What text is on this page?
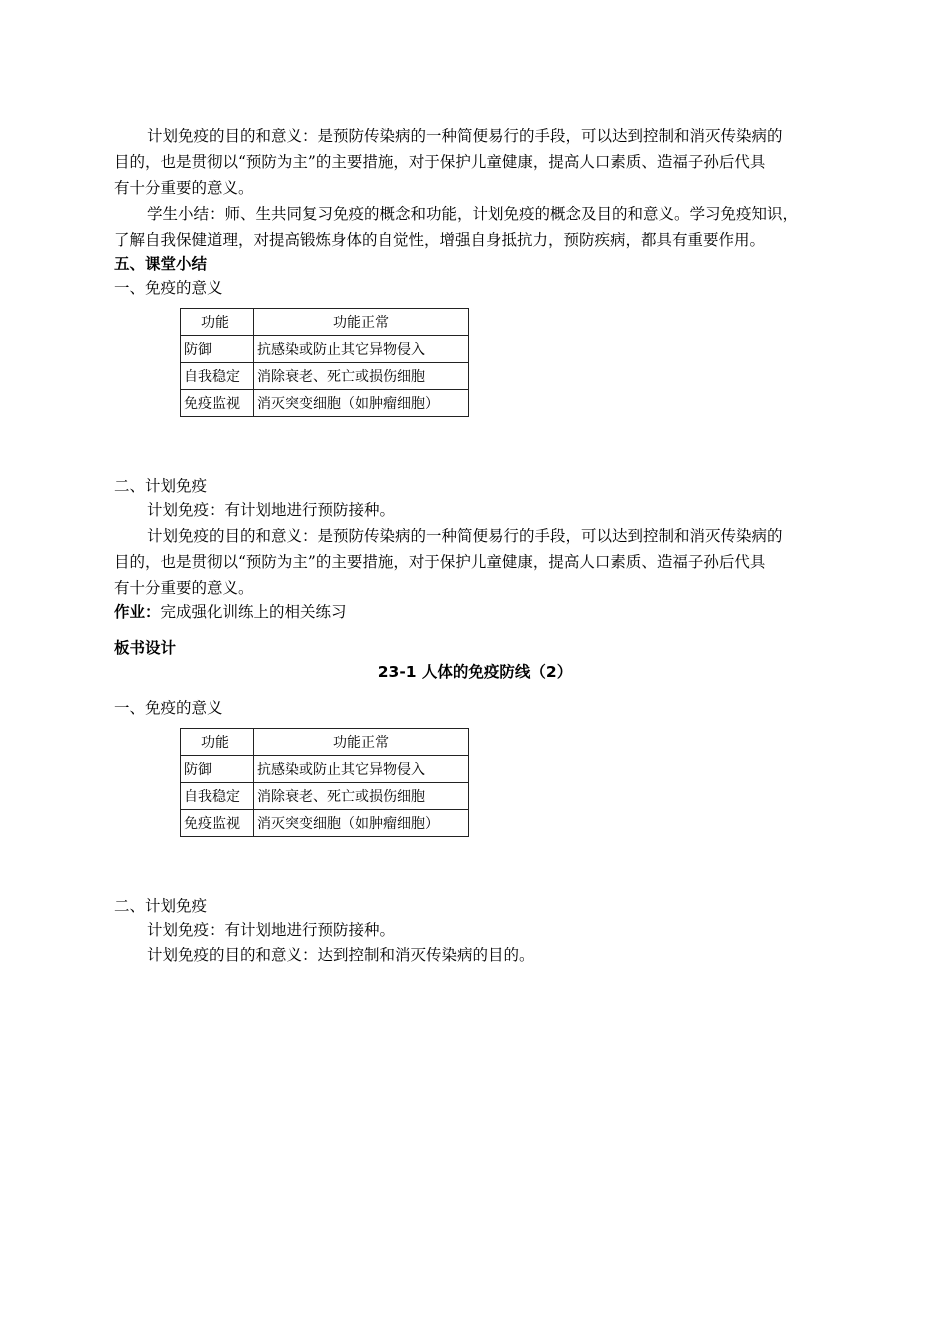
计划免疫的目的和意义：是预防传染病的一种简便易行的手段，可以达到控制和消灭传染病的
目的，也是贯彻以“预防为主”的主要措施，对于保护儿童健康，提高人口素质、造福子孙后代具
有十分重要的意义。
学生小结：师、生共同复习免疫的概念和功能，计划免疫的概念及目的和意义。学习免疫知识，
了解自我保健道理，对提高锻炼身体的自觉性，增强自身抵抗力，预防疾病，都具有重要作用。
五、课堂小结
一、免疫的意义
功能	功能正常
防御	抗感染或防止其它异物侵入
自我稳定	消除衰老、死亡或损伤细胞
免疫监视	消灭突变细胞（如肿瘤细胞）
二、计划免疫
计划免疫：有计划地进行预防接种。
计划免疫的目的和意义：是预防传染病的一种简便易行的手段，可以达到控制和消灭传染病的
目的，也是贯彻以“预防为主”的主要措施，对于保护儿童健康，提高人口素质、造福子孙后代具
有十分重要的意义。
作业：完成强化训练上的相关练习
板书设计
23-1 人体的免疫防线（2）
一、免疫的意义
功能	功能正常
防御	抗感染或防止其它异物侵入
自我稳定	消除衰老、死亡或损伤细胞
免疫监视	消灭突变细胞（如肿瘤细胞）
二、计划免疫
计划免疫：有计划地进行预防接种。
计划免疫的目的和意义：达到控制和消灭传染病的目的。
